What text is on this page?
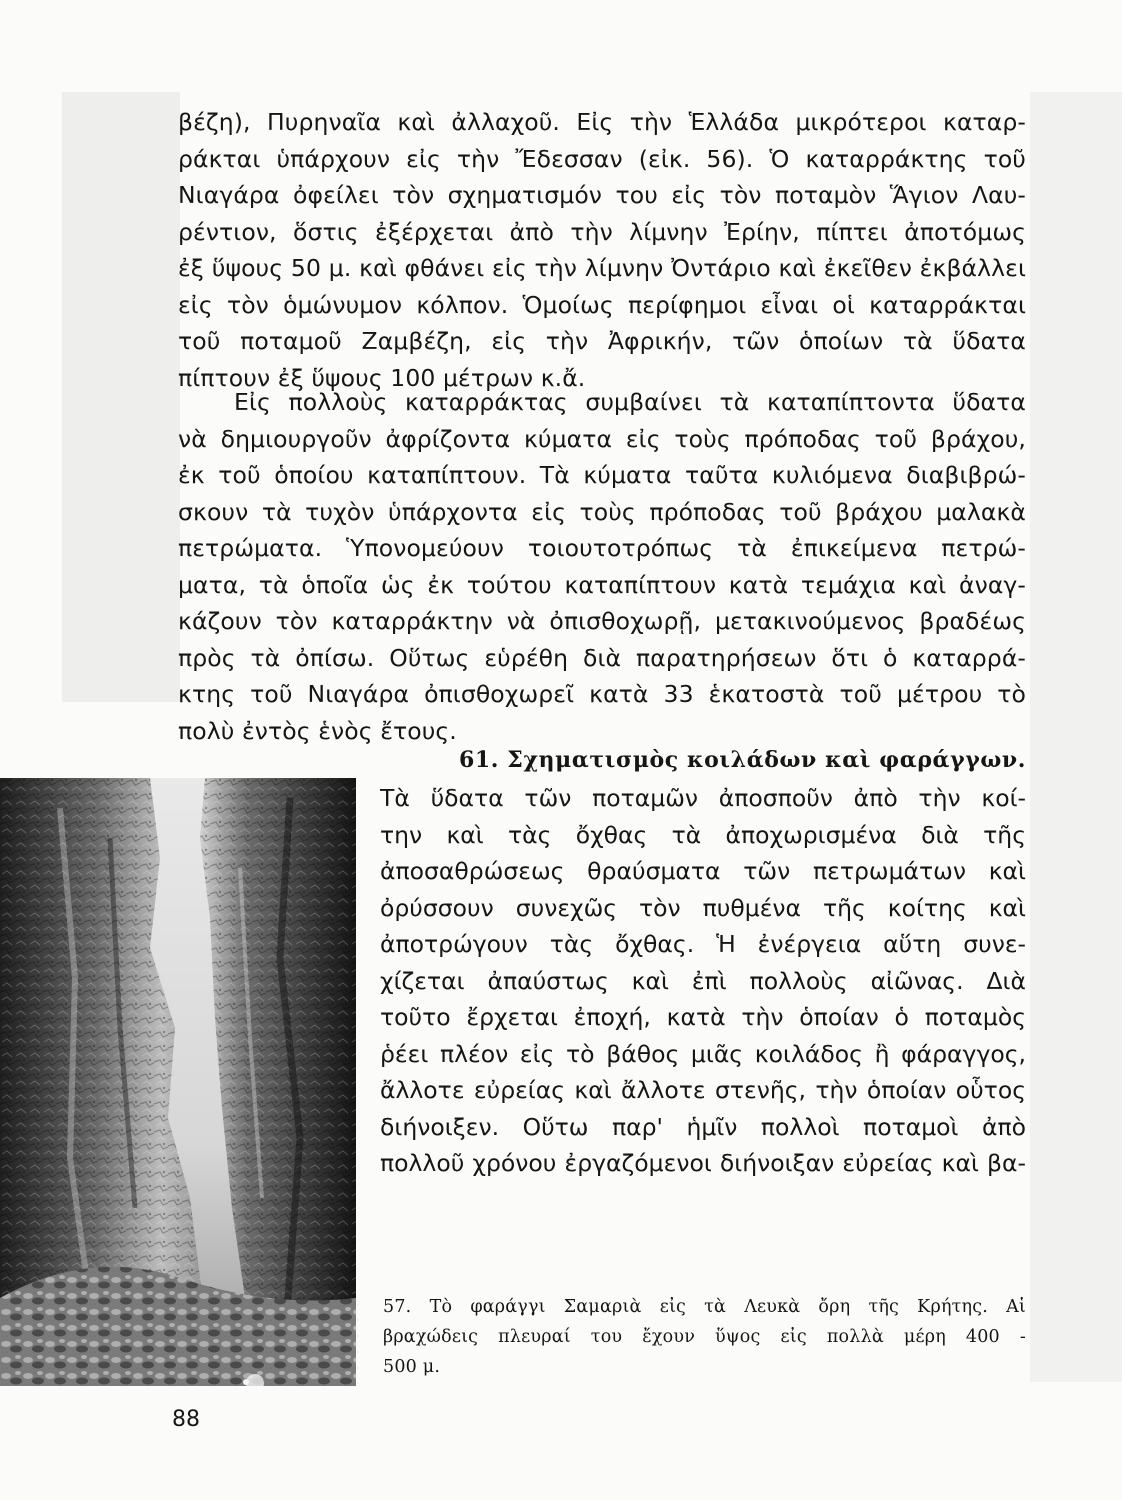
βέζη), Πυρηναῖα καὶ ἀλλαχοῦ. Εἰς τὴν Ἑλλάδα μικρότεροι καταρ-
ράκται ὑπάρχουν εἰς τὴν Ἔδεσσαν (εἰκ. 56). Ὁ καταρράκτης τοῦ
Νιαγάρα ὀφείλει τὸν σχηματισμόν του εἰς τὸν ποταμὸν Ἅγιον Λαυ-
ρέντιον, ὅστις ἐξέρχεται ἀπὸ τὴν λίμνην Ἐρίην, πίπτει ἀποτόμως
ἐξ ὕψους 50 μ. καὶ φθάνει εἰς τὴν λίμνην Ὀντάριο καὶ ἐκεῖθεν ἐκβάλλει
εἰς τὸν ὁμώνυμον κόλπον. Ὁμοίως περίφημοι εἶναι οἱ καταρράκται
τοῦ ποταμοῦ Ζαμβέζη, εἰς τὴν Ἀφρικήν, τῶν ὁποίων τὰ ὕδατα
πίπτουν ἐξ ὕψους 100 μέτρων κ.ἄ.
Εἰς πολλοὺς καταρράκτας συμβαίνει τὰ καταπίπτοντα ὕδατα
νὰ δημιουργοῦν ἀφρίζοντα κύματα εἰς τοὺς πρόποδας τοῦ βράχου,
ἐκ τοῦ ὁποίου καταπίπτουν. Τὰ κύματα ταῦτα κυλιόμενα διαβιβρώ-
σκουν τὰ τυχὸν ὑπάρχοντα εἰς τοὺς πρόποδας τοῦ βράχου μαλακὰ
πετρώματα. Ὑπονομεύουν τοιουτοτρόπως τὰ ἐπικείμενα πετρώ-
ματα, τὰ ὁποῖα ὡς ἐκ τούτου καταπίπτουν κατὰ τεμάχια καὶ ἀναγ-
κάζουν τὸν καταρράκτην νὰ ὀπισθοχωρῇ, μετακινούμενος βραδέως
πρὸς τὰ ὀπίσω. Οὕτως εὑρέθη διὰ παρατηρήσεων ὅτι ὁ καταρρά-
κτης τοῦ Νιαγάρα ὀπισθοχωρεῖ κατὰ 33 ἑκατοστὰ τοῦ μέτρου τὸ
πολὺ ἐντὸς ἑνὸς ἔτους.
61. Σχηματισμὸς κοιλάδων καὶ φαράγγων.
Τὰ ὕδατα τῶν ποταμῶν ἀποσποῦν ἀπὸ τὴν κοί-
την καὶ τὰς ὄχθας τὰ ἀποχωρισμένα διὰ τῆς
ἀποσαθρώσεως θραύσματα τῶν πετρωμάτων καὶ
ὀρύσσουν συνεχῶς τὸν πυθμένα τῆς κοίτης καὶ
ἀποτρώγουν τὰς ὄχθας. Ἡ ἐνέργεια αὕτη συνε-
χίζεται ἀπαύστως καὶ ἐπὶ πολλοὺς αἰῶνας. Διὰ
τοῦτο ἔρχεται ἐποχή, κατὰ τὴν ὁποίαν ὁ ποταμὸς
ῥέει πλέον εἰς τὸ βάθος μιᾶς κοιλάδος ἢ φάραγγος,
ἄλλοτε εὐρείας καὶ ἄλλοτε στενῆς, τὴν ὁποίαν οὗτος
διήνοιξεν. Οὕτω παρ' ἡμῖν πολλοὶ ποταμοὶ ἀπὸ
πολλοῦ χρόνου ἐργαζόμενοι διήνοιξαν εὐρείας καὶ βα-
57. Τὸ φαράγγι Σαμαριὰ εἰς τὰ Λευκὰ ὄρη τῆς Κρήτης. Αἱ
βραχώδεις πλευραί του ἔχουν ὕψος εἰς πολλὰ μέρη 400 -
500 μ.
88
